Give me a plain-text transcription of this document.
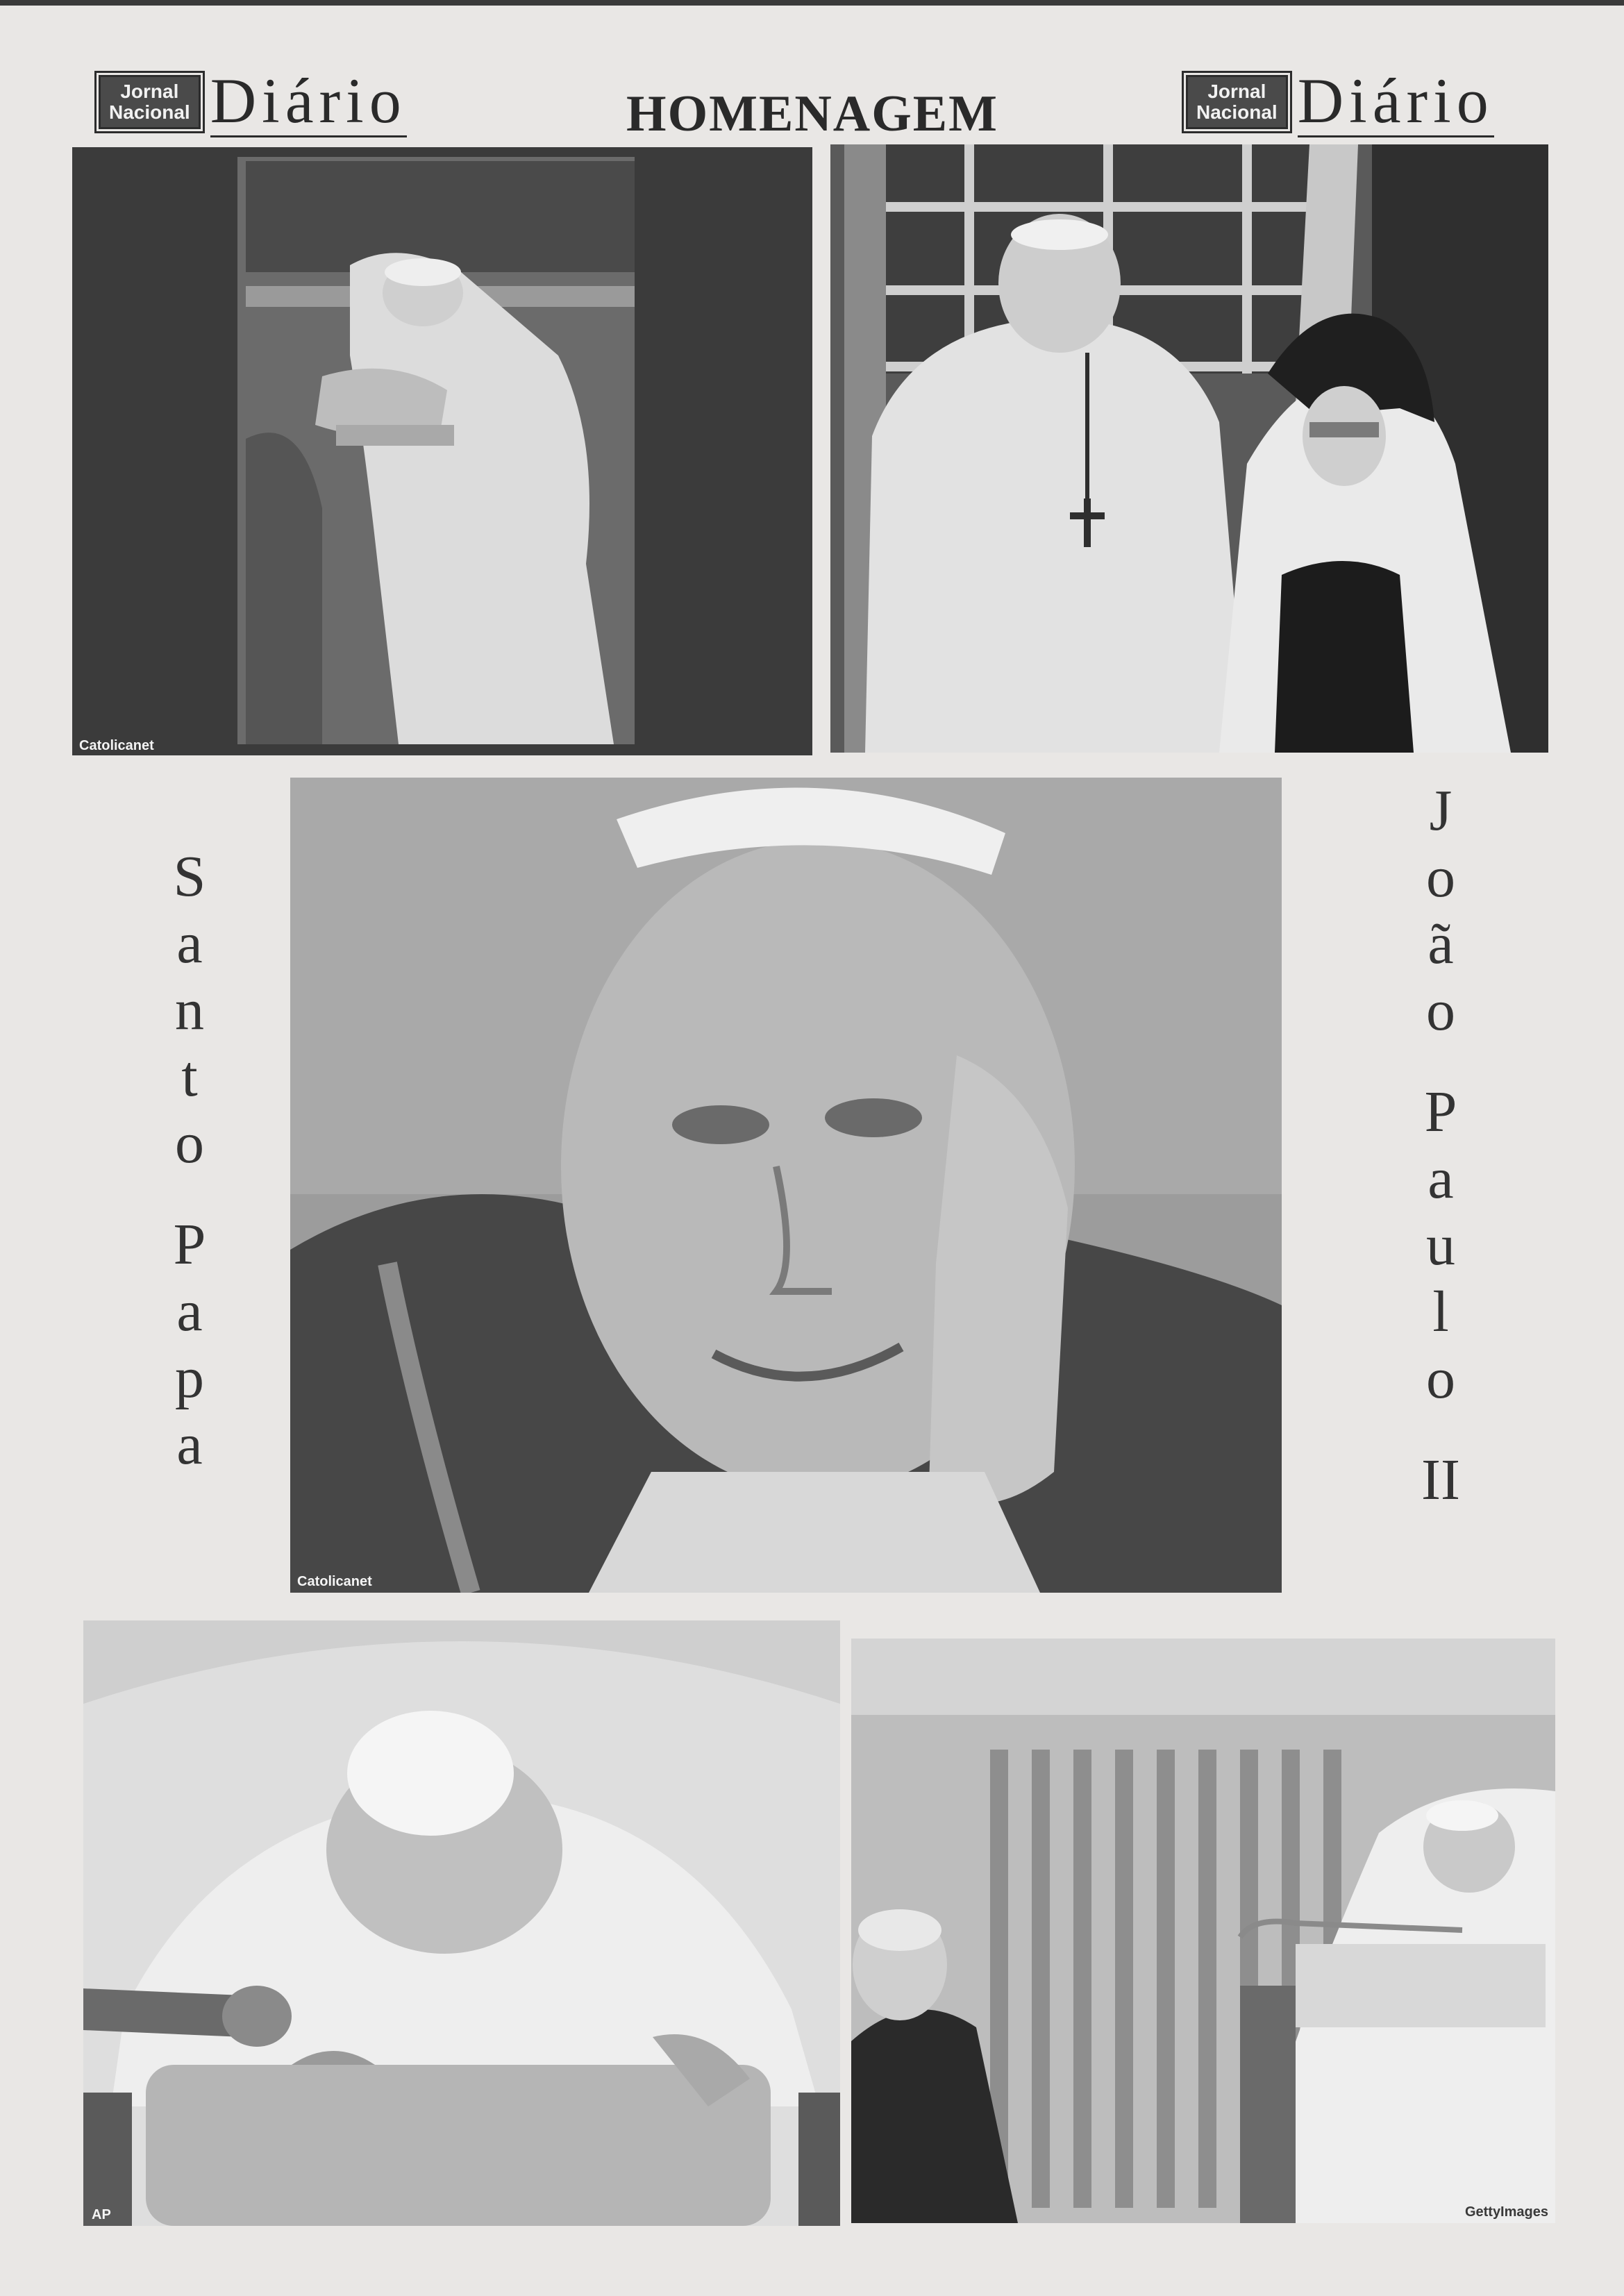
Jornal
Nacional Diário	HOMENAGEM	Jornal
Nacional Diário
Catolicanet
S
a
n
t
o
P
a
p
a
Catolicanet
J
o
ã
o
P
a
u
l
o
II
AP	GettyImages
